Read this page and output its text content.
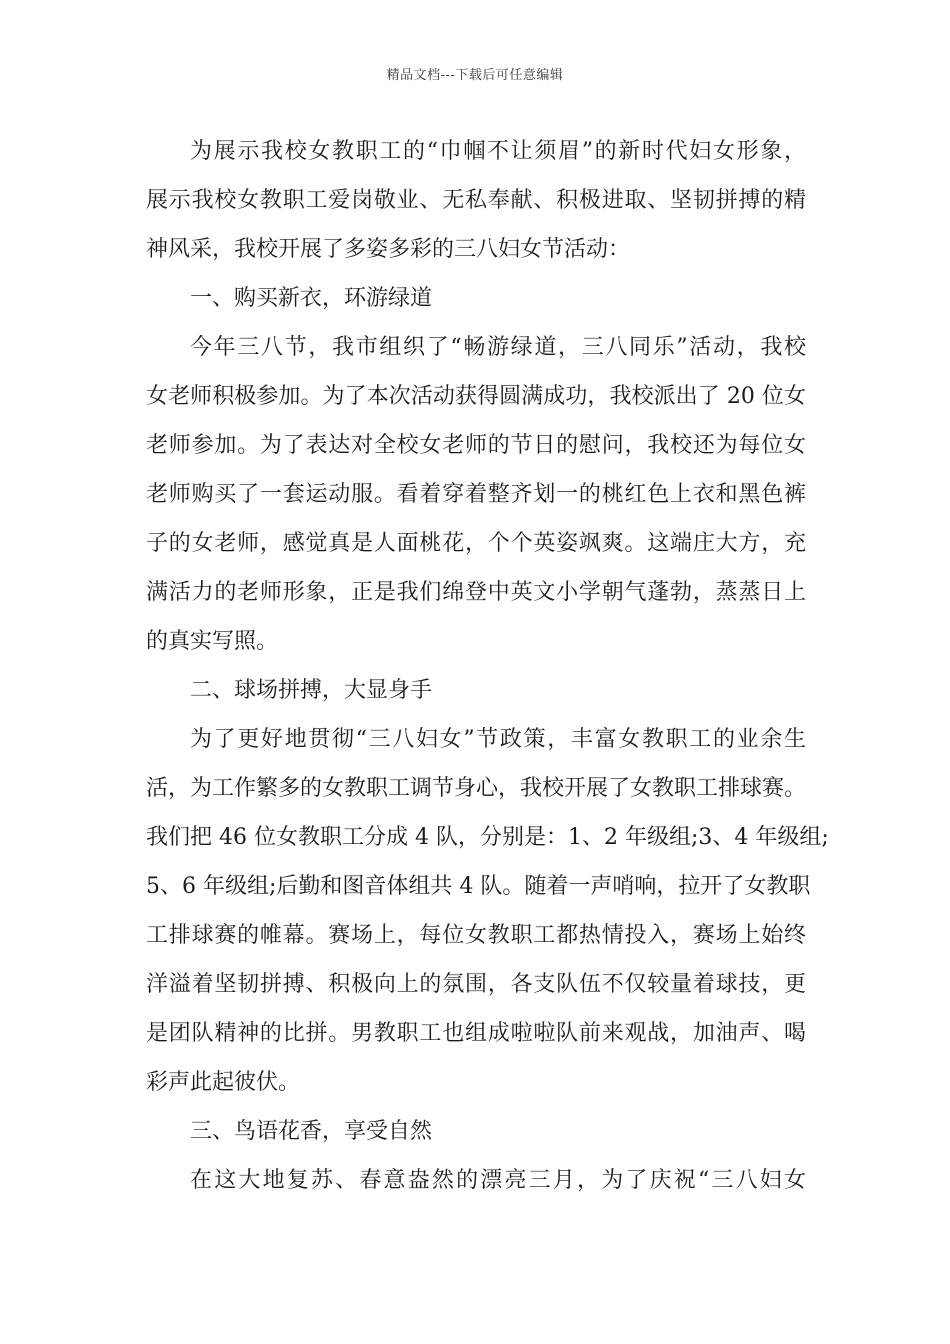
精品文档---下载后可任意编辑
为展示我校女教职工的“巾帼不让须眉”的新时代妇女形象，
展示我校女教职工爱岗敬业、无私奉献、积极进取、坚韧拼搏的精
神风采，我校开展了多姿多彩的三八妇女节活动：
一、购买新衣，环游绿道
今年三八节，我市组织了“畅游绿道，三八同乐”活动，我校
女老师积极参加。为了本次活动获得圆满成功，我校派出了 20 位女
老师参加。为了表达对全校女老师的节日的慰问，我校还为每位女
老师购买了一套运动服。看着穿着整齐划一的桃红色上衣和黑色裤
子的女老师，感觉真是人面桃花，个个英姿飒爽。这端庄大方，充
满活力的老师形象，正是我们绵登中英文小学朝气蓬勃，蒸蒸日上
的真实写照。
二、球场拼搏，大显身手
为了更好地贯彻“三八妇女”节政策，丰富女教职工的业余生
活，为工作繁多的女教职工调节身心，我校开展了女教职工排球赛。
我们把 46 位女教职工分成 4 队，分别是：1、2 年级组;3、4 年级组;
5、6 年级组;后勤和图音体组共 4 队。随着一声哨响，拉开了女教职
工排球赛的帷幕。赛场上，每位女教职工都热情投入，赛场上始终
洋溢着坚韧拼搏、积极向上的氛围，各支队伍不仅较量着球技，更
是团队精神的比拼。男教职工也组成啦啦队前来观战，加油声、喝
彩声此起彼伏。
三、鸟语花香，享受自然
在这大地复苏、春意盎然的漂亮三月，为了庆祝“三八妇女
